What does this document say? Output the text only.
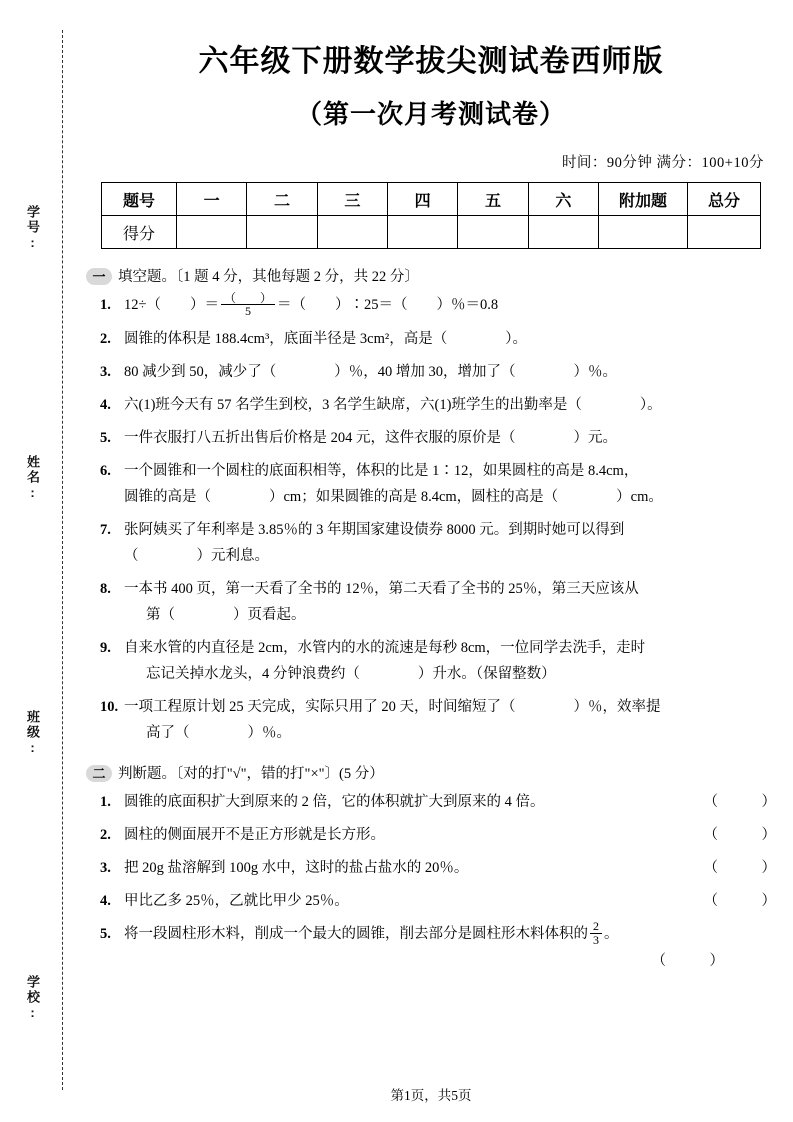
学号:
姓名:
班级:
学校:
六年级下册数学拔尖测试卷西师版
（第一次月考测试卷）
时间：90分钟 满分：100+10分
题号	一	二	三	四	五	六	附加题	总分
得分								
一 填空题。〔1 题 4 分，其他每题 2 分，共 22 分〕
1. 12÷（　　）＝ $\frac{( )}{5}$ ＝（　　）∶25＝（　　）％＝0.8
2. 圆锥的体积是 188.4cm³，底面半径是 3cm²，高是（　　　　）。
3. 80 减少到 50，减少了（　　　　）％，40 增加 30，增加了（　　　　）％。
4. 六(1)班今天有 57 名学生到校，3 名学生缺席，六(1)班学生的出勤率是（　　　　）。
5. 一件衣服打八五折出售后价格是 204 元，这件衣服的原价是（　　　　）元。
6. 一个圆锥和一个圆柱的底面积相等，体积的比是 1∶12，如果圆柱的高是 8.4cm，
圆锥的高是（　　　　）cm；如果圆锥的高是 8.4cm，圆柱的高是（　　　　）cm。
7. 张阿姨买了年利率是 3.85％的 3 年期国家建设债券 8000 元。到期时她可以得到
（　　　　）元利息。
8. 一本书 400 页，第一天看了全书的 12％，第二天看了全书的 25％，第三天应该从
第（　　　　）页看起。
9. 自来水管的内直径是 2cm，水管内的水的流速是每秒 8cm，一位同学去洗手，走时
忘记关掉水龙头，4 分钟浪费约（　　　　）升水。（保留整数）
10. 一项工程原计划 25 天完成，实际只用了 20 天，时间缩短了（　　　　）％，效率提
高了（　　　　）％。
二 判断题。〔对的打"√"，错的打"×"〕(5 分）
1. 圆锥的底面积扩大到原来的 2 倍，它的体积就扩大到原来的 4 倍。	（　　　）
2. 圆柱的侧面展开不是正方形就是长方形。	（　　　）
3. 把 20g 盐溶解到 100g 水中，这时的盐占盐水的 20％。	（　　　）
4. 甲比乙多 25％，乙就比甲少 25％。	（　　　）
5. 将一段圆柱形木料，削成一个最大的圆锥，削去部分是圆柱形木料体积的 $\frac{2}{3}$ 。
（　　　）
第1页，共5页
